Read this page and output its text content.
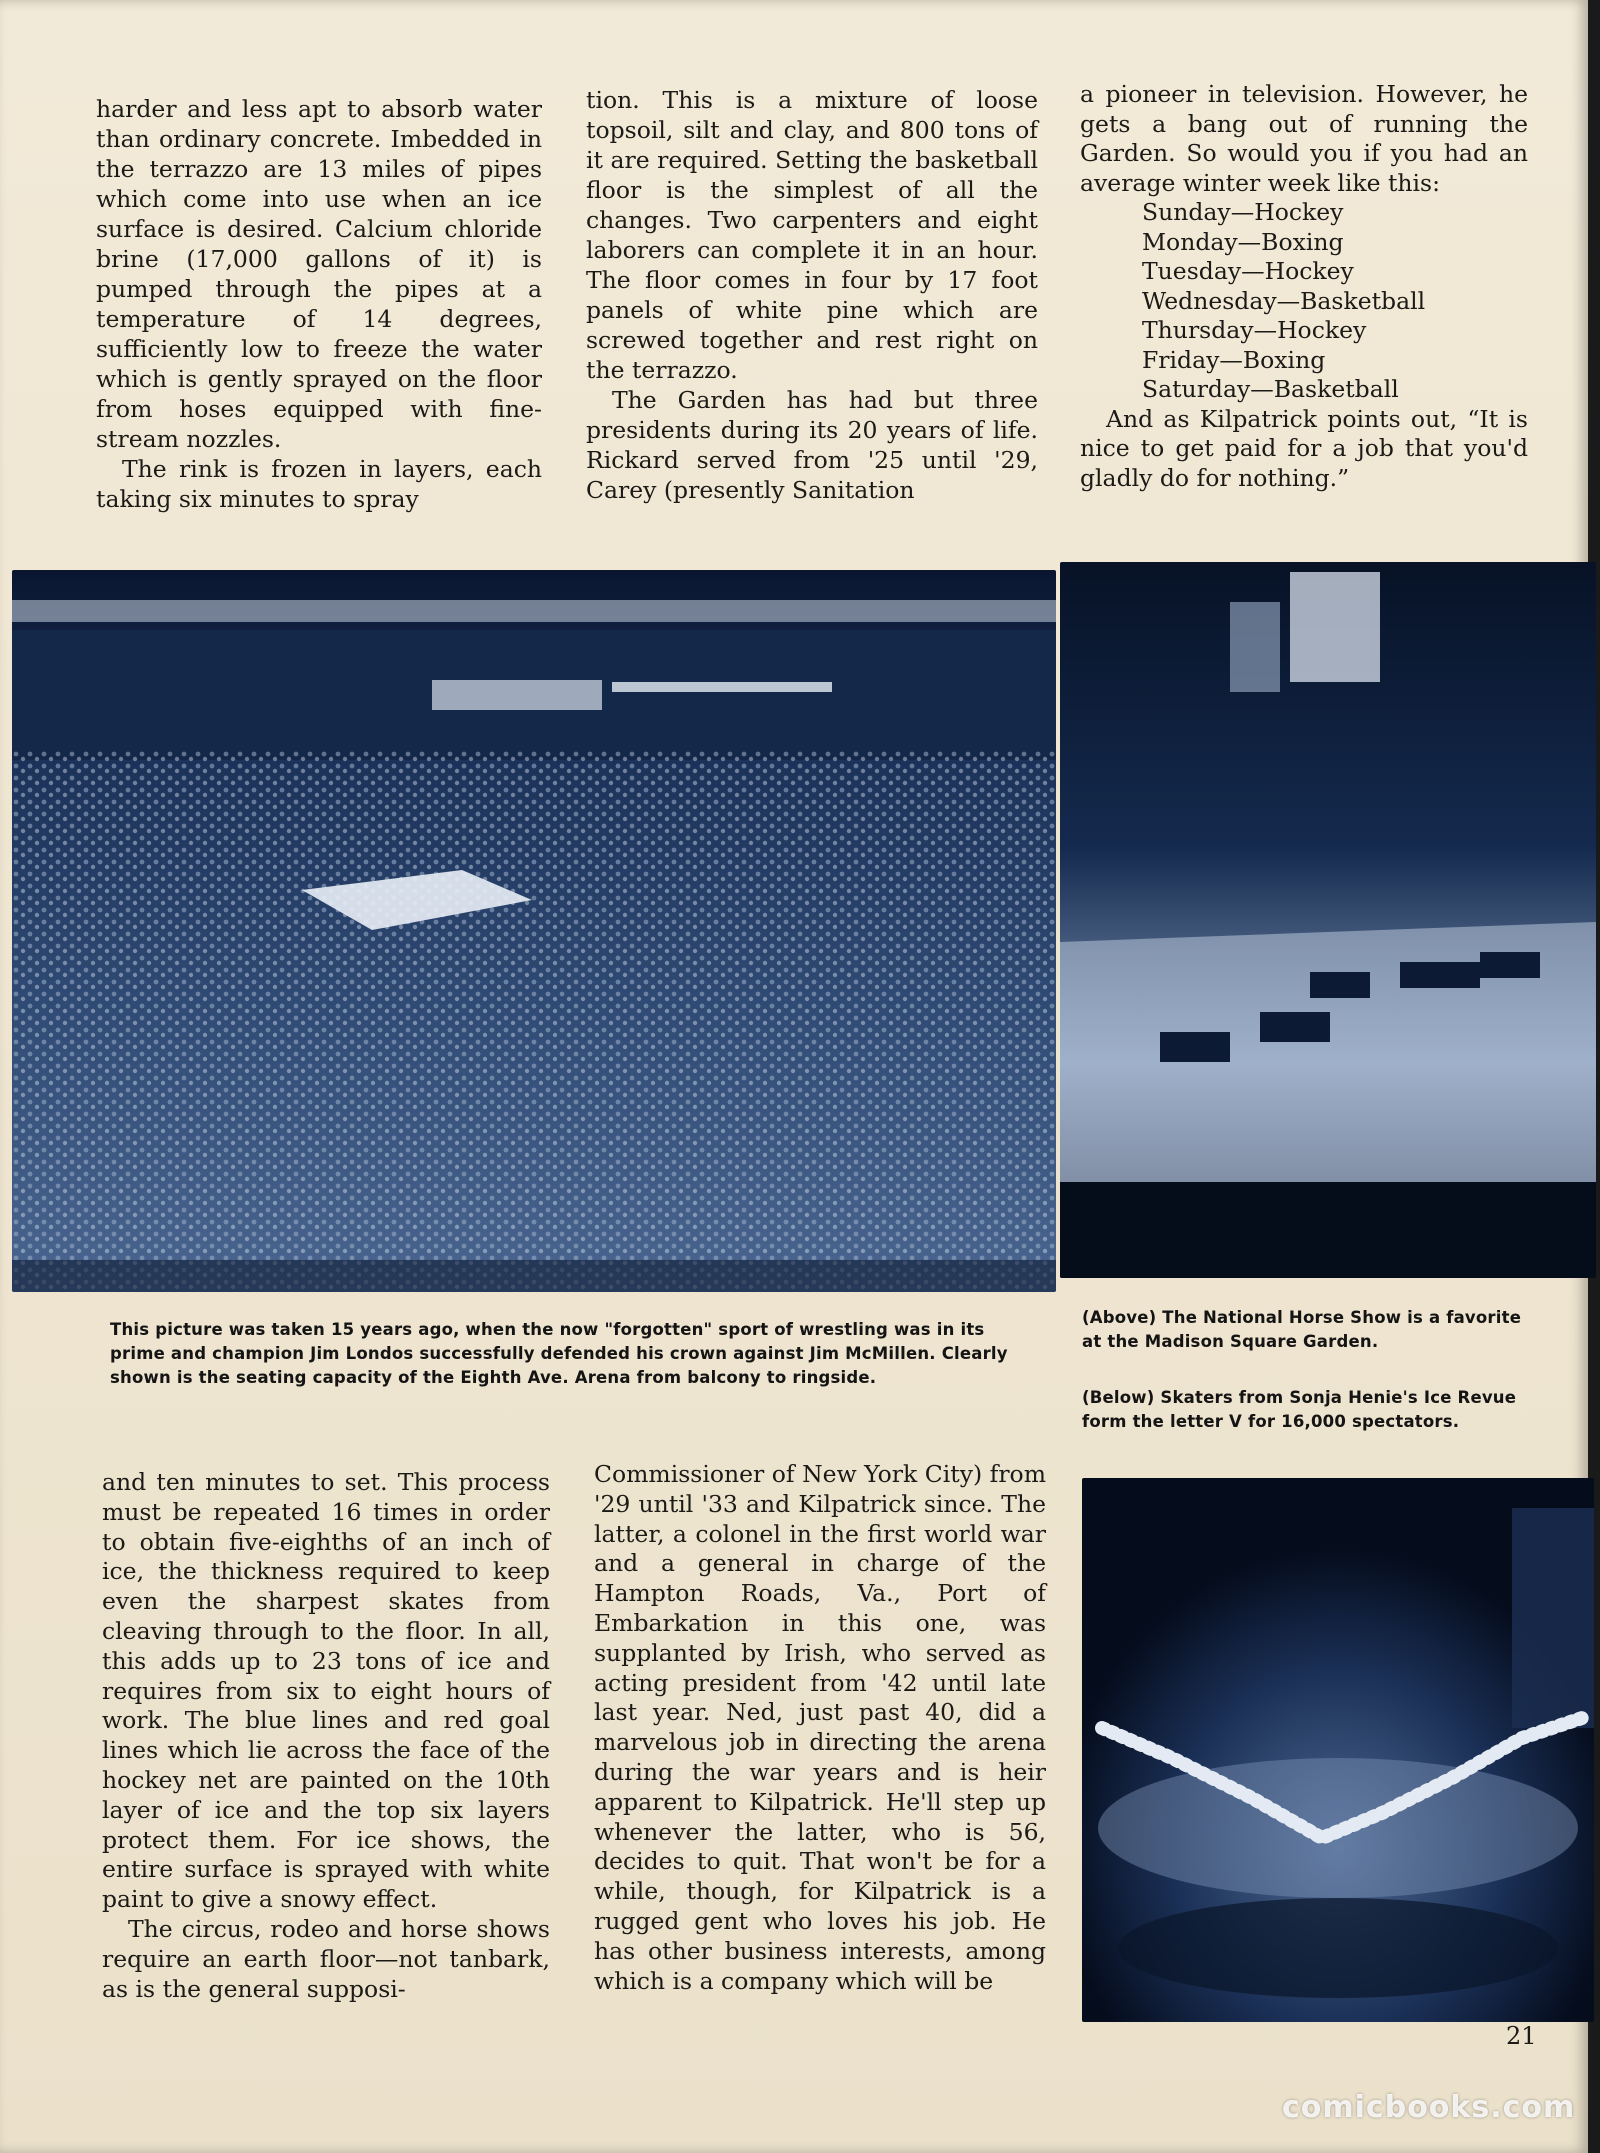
harder and less apt to absorb water than ordinary concrete. Imbedded in the terrazzo are 13 miles of pipes which come into use when an ice surface is desired. Calcium chloride brine (17,000 gallons of it) is pumped through the pipes at a temperature of 14 degrees, sufficiently low to freeze the water which is gently sprayed on the floor from hoses equipped with fine-stream nozzles.

The rink is frozen in layers, each taking six minutes to spray

tion. This is a mixture of loose topsoil, silt and clay, and 800 tons of it are required. Setting the basketball floor is the simplest of all the changes. Two carpenters and eight laborers can complete it in an hour. The floor comes in four by 17 foot panels of white pine which are screwed together and rest right on the terrazzo.

The Garden has had but three presidents during its 20 years of life. Rickard served from '25 until '29, Carey (presently Sanitation

a pioneer in television. However, he gets a bang out of running the Garden. So would you if you had an average winter week like this:

Sunday—Hockey
Monday—Boxing
Tuesday—Hockey
Wednesday—Basketball
Thursday—Hockey
Friday—Boxing
Saturday—Basketball

And as Kilpatrick points out, “It is nice to get paid for a job that you'd gladly do for nothing.”

This picture was taken 15 years ago, when the now "forgotten" sport of wrestling was in its prime and champion Jim Londos successfully defended his crown against Jim McMillen. Clearly shown is the seating capacity of the Eighth Ave. Arena from balcony to ringside.

(Above) The National Horse Show is a favorite at the Madison Square Garden.

(Below) Skaters from Sonja Henie's Ice Revue form the letter V for 16,000 spectators.

and ten minutes to set. This process must be repeated 16 times in order to obtain five-eighths of an inch of ice, the thickness required to keep even the sharpest skates from cleaving through to the floor. In all, this adds up to 23 tons of ice and requires from six to eight hours of work. The blue lines and red goal lines which lie across the face of the hockey net are painted on the 10th layer of ice and the top six layers protect them. For ice shows, the entire surface is sprayed with white paint to give a snowy effect.

The circus, rodeo and horse shows require an earth floor—not tanbark, as is the general supposi-

Commissioner of New York City) from '29 until '33 and Kilpatrick since. The latter, a colonel in the first world war and a general in charge of the Hampton Roads, Va., Port of Embarkation in this one, was supplanted by Irish, who served as acting president from '42 until late last year. Ned, just past 40, did a marvelous job in directing the arena during the war years and is heir apparent to Kilpatrick. He'll step up whenever the latter, who is 56, decides to quit. That won't be for a while, though, for Kilpatrick is a rugged gent who loves his job. He has other business interests, among which is a company which will be

21
comicbooks.com
